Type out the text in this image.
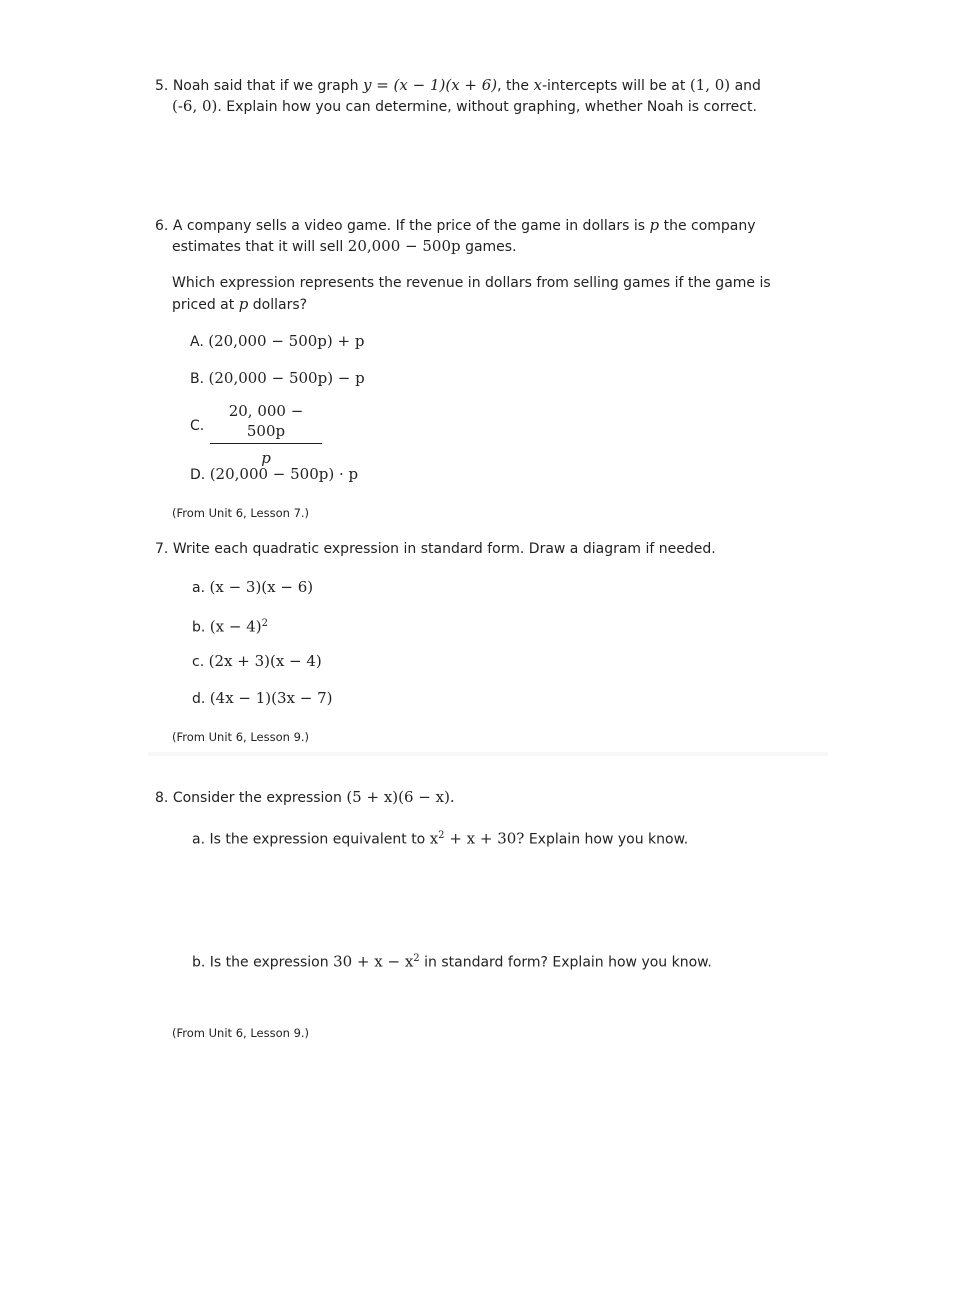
5. Noah said that if we graph y = (x − 1)(x + 6), the x-intercepts will be at (1, 0) and
(-6, 0). Explain how you can determine, without graphing, whether Noah is correct.
6. A company sells a video game. If the price of the game in dollars is p the company
estimates that it will sell 20,000 − 500p games.
Which expression represents the revenue in dollars from selling games if the game is
priced at p dollars?
A. (20,000 − 500p) + p
B. (20,000 − 500p) − p
C. $\frac{20, 000 - 500p}{p}$
D. (20,000 − 500p) · p
(From Unit 6, Lesson 7.)
7. Write each quadratic expression in standard form. Draw a diagram if needed.
a. (x − 3)(x − 6)
b. $(x - 4)^2$
c. (2x + 3)(x − 4)
d. (4x − 1)(3x − 7)
(From Unit 6, Lesson 9.)
8. Consider the expression (5 + x)(6 − x).
a. Is the expression equivalent to $x^2 + x + 30$? Explain how you know.
b. Is the expression $30 + x - x^2$ in standard form? Explain how you know.
(From Unit 6, Lesson 9.)
